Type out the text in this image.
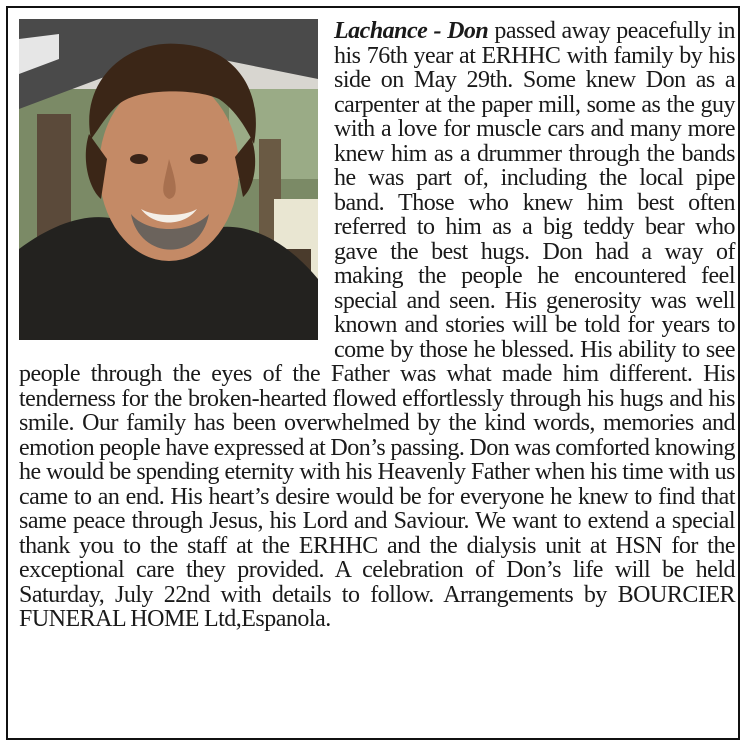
Lachance - Don passed away peacefully in his 76th year at ERHHC with family by his side on May 29th. Some knew Don as a carpenter at the paper mill, some as the guy with a love for muscle cars and many more knew him as a drummer through the bands he was part of, including the local pipe band. Those who knew him best often referred to him as a big teddy bear who gave the best hugs. Don had a way of making the people he encountered feel special and seen. His generosity was well known and stories will be told for years to come by those he blessed. His ability to see people through the eyes of the Father was what made him different. His tenderness for the broken-hearted flowed effortlessly through his hugs and his smile. Our family has been overwhelmed by the kind words, memories and emotion people have expressed at Don’s passing. Don was comforted knowing he would be spending eternity with his Heavenly Father when his time with us came to an end. His heart’s desire would be for everyone he knew to find that same peace through Jesus, his Lord and Saviour. We want to extend a special thank you to the staff at the ERHHC and the dialysis unit at HSN for the exceptional care they provided. A celebration of Don’s life will be held Saturday, July 22nd with details to follow. Arrangements by BOURCIER FUNERAL HOME Ltd,Espanola.
